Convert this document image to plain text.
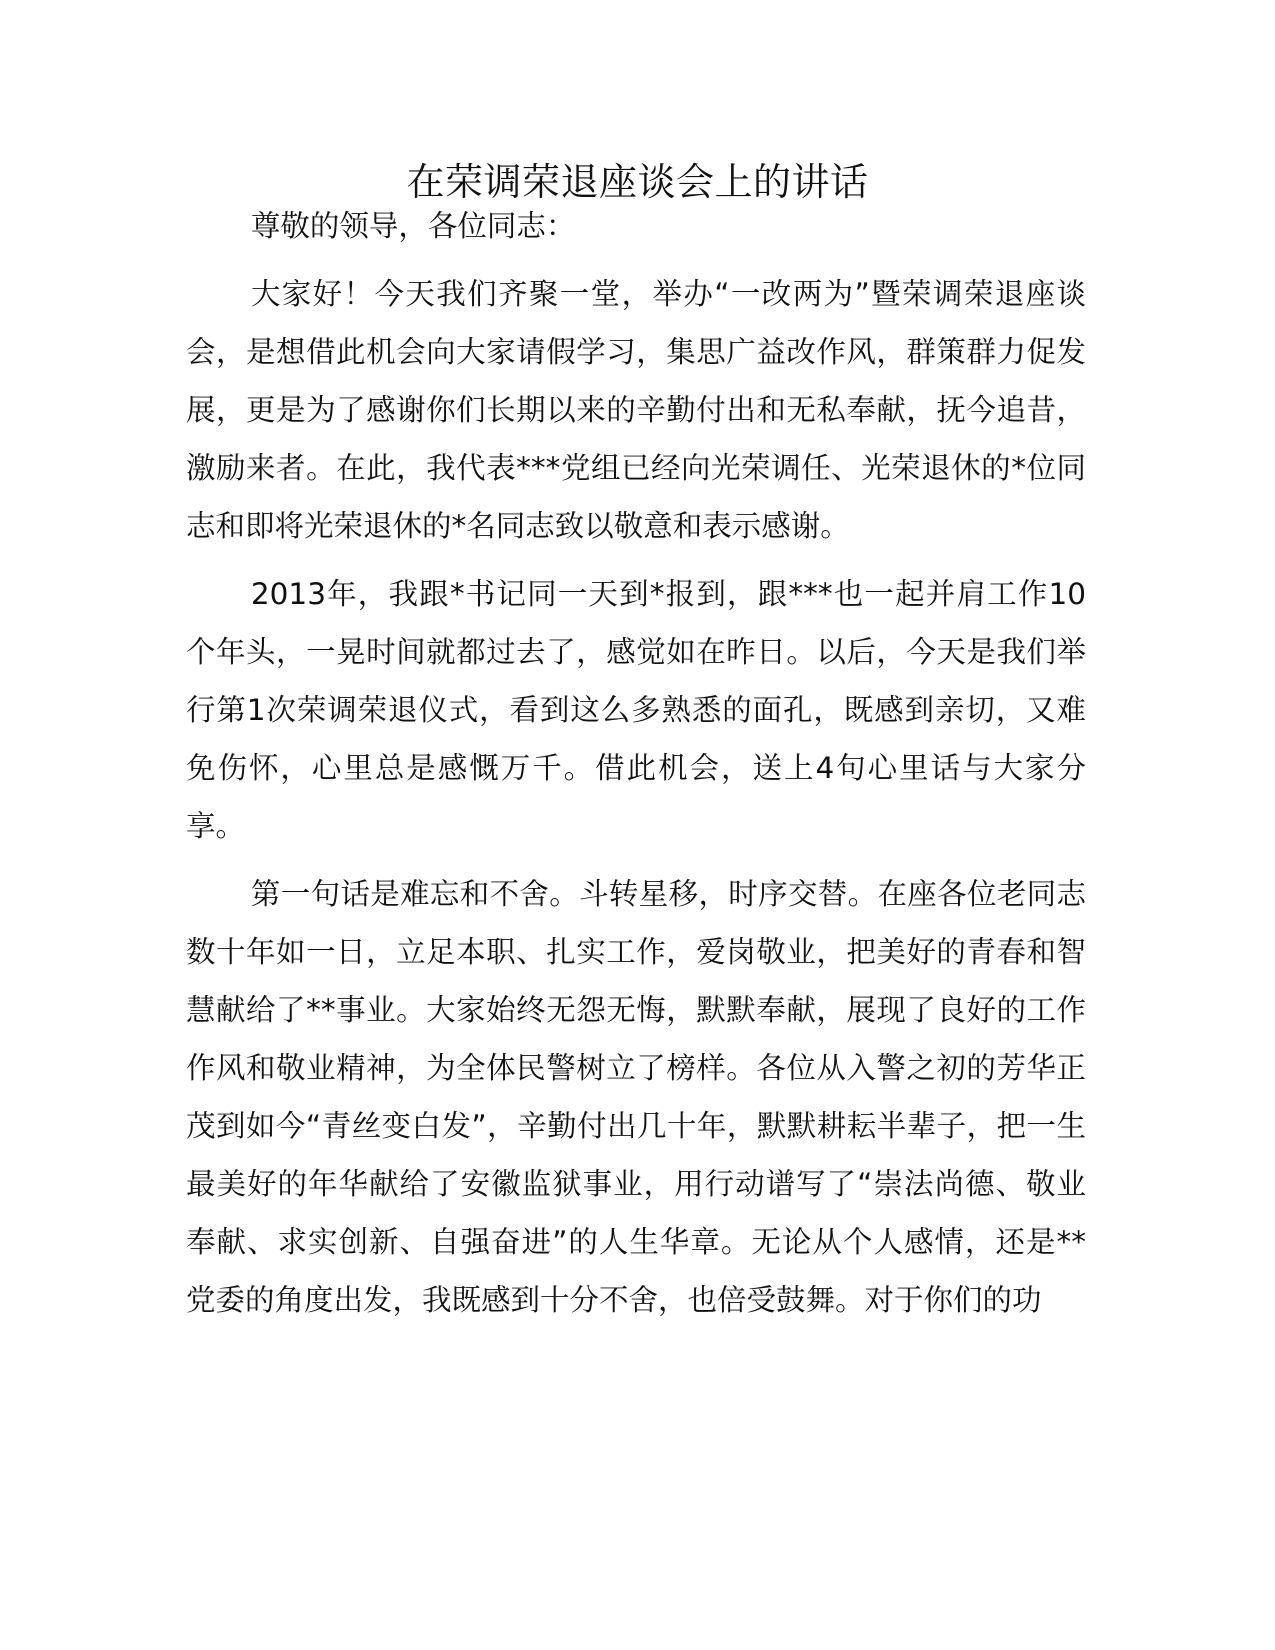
在荣调荣退座谈会上的讲话

尊敬的领导，各位同志：

大家好！今天我们齐聚一堂，举办“一改两为”暨荣调荣退座谈会，是想借此机会向大家请假学习，集思广益改作风，群策群力促发展，更是为了感谢你们长期以来的辛勤付出和无私奉献，抚今追昔，激励来者。在此，我代表***党组已经向光荣调任、光荣退休的*位同志和即将光荣退休的*名同志致以敬意和表示感谢。

2013年，我跟*书记同一天到*报到，跟***也一起并肩工作10个年头，一晃时间就都过去了，感觉如在昨日。以后，今天是我们举行第1次荣调荣退仪式，看到这么多熟悉的面孔，既感到亲切，又难免伤怀，心里总是感慨万千。借此机会，送上4句心里话与大家分享。

第一句话是难忘和不舍。斗转星移，时序交替。在座各位老同志数十年如一日，立足本职、扎实工作，爱岗敬业，把美好的青春和智慧献给了**事业。大家始终无怨无悔，默默奉献，展现了良好的工作作风和敬业精神，为全体民警树立了榜样。各位从入警之初的芳华正茂到如今“青丝变白发”，辛勤付出几十年，默默耕耘半辈子，把一生最美好的年华献给了安徽监狱事业，用行动谱写了“崇法尚德、敬业奉献、求实创新、自强奋进”的人生华章。无论从个人感情，还是**党委的角度出发，我既感到十分不舍，也倍受鼓舞。对于你们的功
